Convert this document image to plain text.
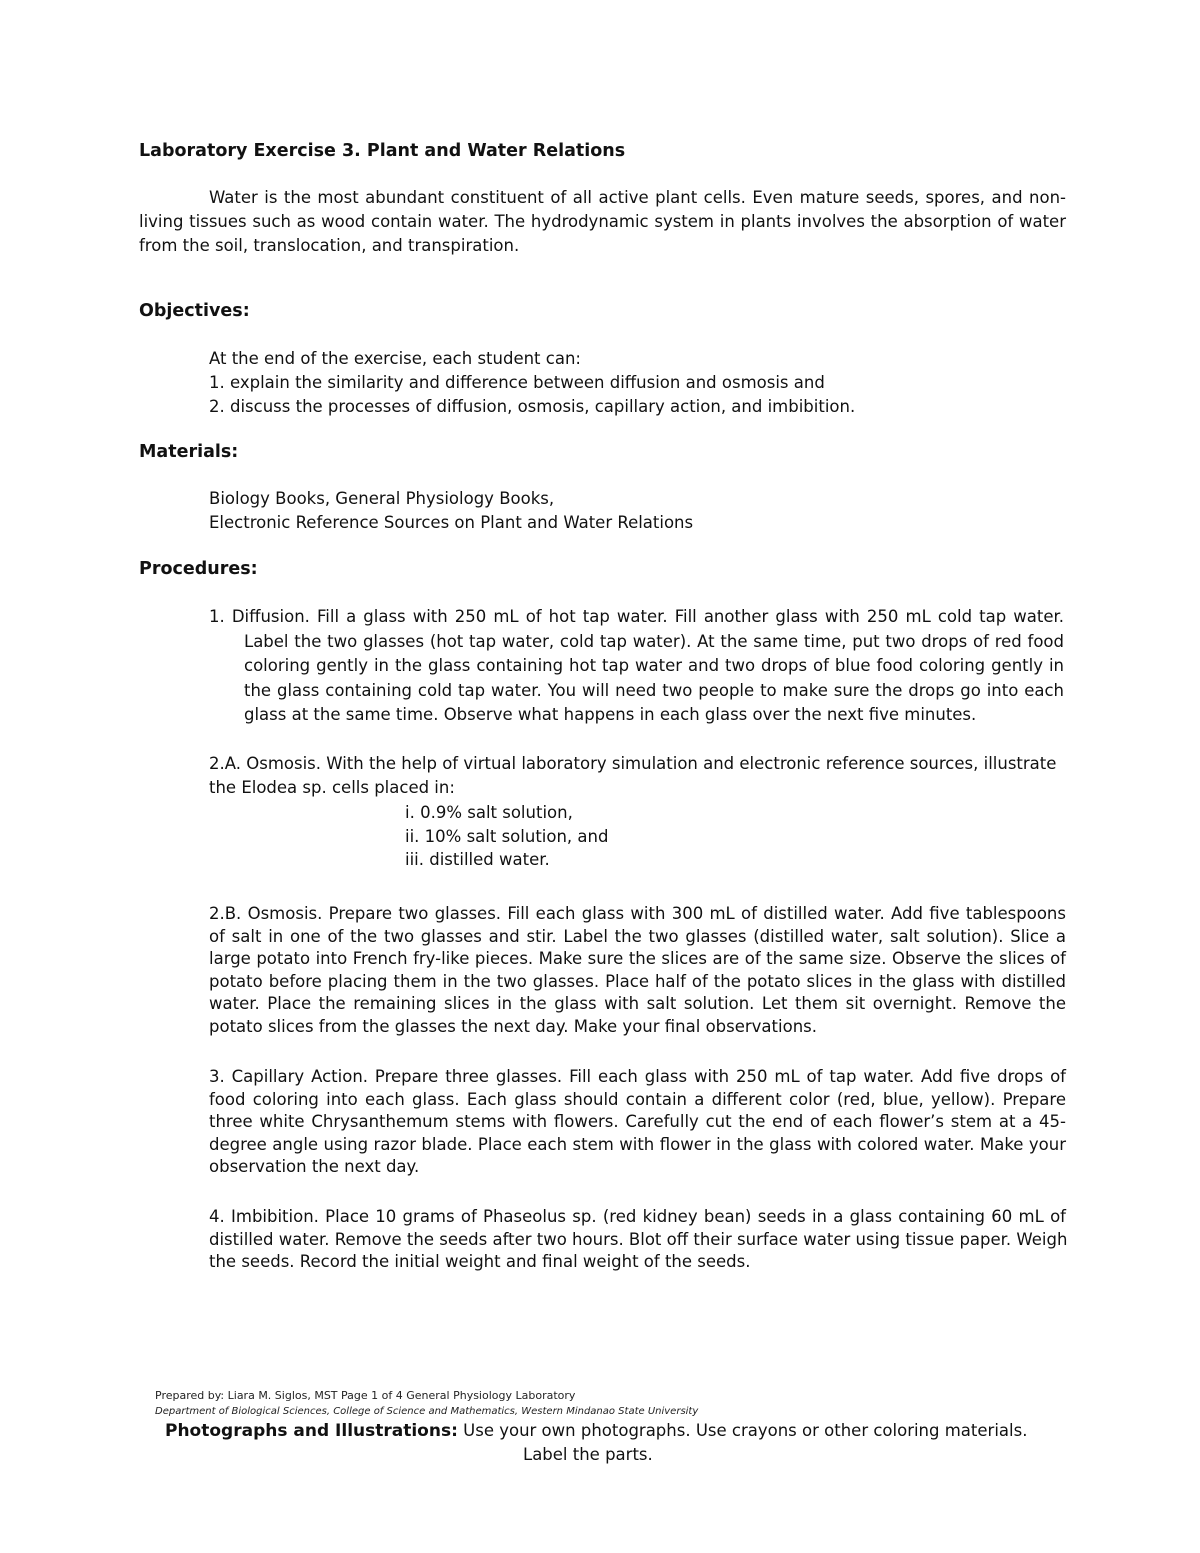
Laboratory Exercise 3. Plant and Water Relations
Water is the most abundant constituent of all active plant cells. Even mature seeds, spores, and non-
living tissues such as wood contain water. The hydrodynamic system in plants involves the absorption of water
from the soil, translocation, and transpiration.
Objectives:
At the end of the exercise, each student can:
1. explain the similarity and difference between diffusion and osmosis and
2. discuss the processes of diffusion, osmosis, capillary action, and imbibition.
Materials:
Biology Books, General Physiology Books,
Electronic Reference Sources on Plant and Water Relations
Procedures:
1. Diffusion. Fill a glass with 250 mL of hot tap water. Fill another glass with 250 mL cold tap water.
Label the two glasses (hot tap water, cold tap water). At the same time, put two drops of red food
coloring gently in the glass containing hot tap water and two drops of blue food coloring gently in
the glass containing cold tap water. You will need two people to make sure the drops go into each
glass at the same time. Observe what happens in each glass over the next five minutes.
2.A. Osmosis. With the help of virtual laboratory simulation and electronic reference sources, illustrate
the Elodea sp. cells placed in:
i. 0.9% salt solution,
ii. 10% salt solution, and
iii. distilled water.
2.B. Osmosis. Prepare two glasses. Fill each glass with 300 mL of distilled water. Add five tablespoons
of salt in one of the two glasses and stir. Label the two glasses (distilled water, salt solution). Slice a
large potato into French fry-like pieces. Make sure the slices are of the same size. Observe the slices of
potato before placing them in the two glasses. Place half of the potato slices in the glass with distilled
water. Place the remaining slices in the glass with salt solution. Let them sit overnight. Remove the
potato slices from the glasses the next day. Make your final observations.
3. Capillary Action. Prepare three glasses. Fill each glass with 250 mL of tap water. Add five drops of
food coloring into each glass. Each glass should contain a different color (red, blue, yellow). Prepare
three white Chrysanthemum stems with flowers. Carefully cut the end of each flower’s stem at a 45-
degree angle using razor blade. Place each stem with flower in the glass with colored water. Make your
observation the next day.
4. Imbibition. Place 10 grams of Phaseolus sp. (red kidney bean) seeds in a glass containing 60 mL of
distilled water. Remove the seeds after two hours. Blot off their surface water using tissue paper. Weigh
the seeds. Record the initial weight and final weight of the seeds.
Prepared by: Liara M. Siglos, MST Page 1 of 4 General Physiology Laboratory
Department of Biological Sciences, College of Science and Mathematics, Western Mindanao State University
Photographs and Illustrations: Use your own photographs. Use crayons or other coloring materials.
Label the parts.
